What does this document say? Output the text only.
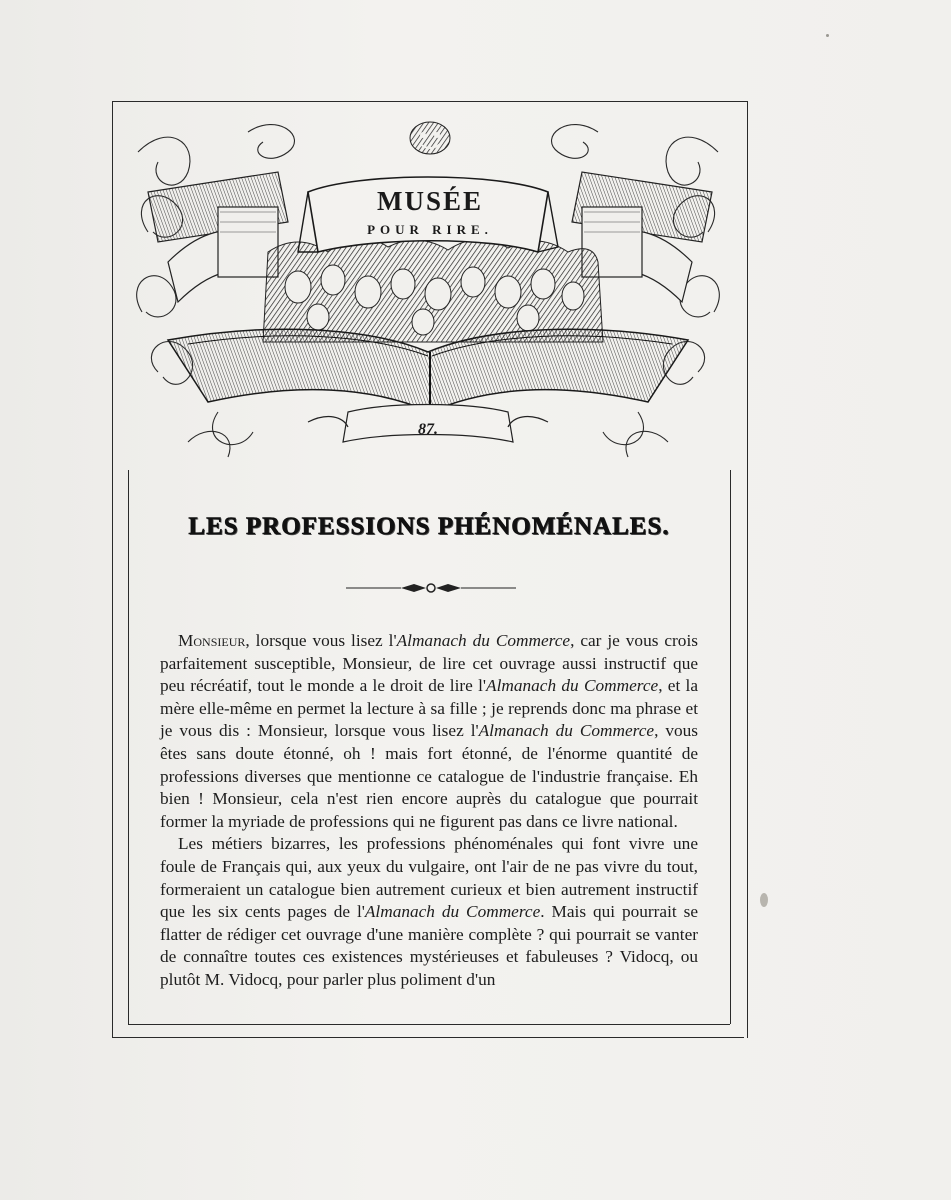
MUSÉE
POUR RIRE.
87.
LES PROFESSIONS PHÉNOMÉNALES.

Monsieur, lorsque vous lisez l'Almanach du Commerce, car je vous crois parfaitement susceptible, Monsieur, de lire cet ouvrage aussi instructif que peu récréatif, tout le monde a le droit de lire l'Almanach du Commerce, et la mère elle-même en permet la lecture à sa fille ; je reprends donc ma phrase et je vous dis : Monsieur, lorsque vous lisez l'Almanach du Commerce, vous êtes sans doute étonné, oh ! mais fort étonné, de l'énorme quantité de professions diverses que mentionne ce catalogue de l'industrie française. Eh bien ! Monsieur, cela n'est rien encore auprès du catalogue que pourrait former la myriade de professions qui ne figurent pas dans ce livre national.

Les métiers bizarres, les professions phénoménales qui font vivre une foule de Français qui, aux yeux du vulgaire, ont l'air de ne pas vivre du tout, formeraient un catalogue bien autrement curieux et bien autrement instructif que les six cents pages de l'Almanach du Commerce. Mais qui pourrait se flatter de rédiger cet ouvrage d'une manière complète ? qui pourrait se vanter de connaître toutes ces existences mystérieuses et fabuleuses ? Vidocq, ou plutôt M. Vidocq, pour parler plus poliment d'un
